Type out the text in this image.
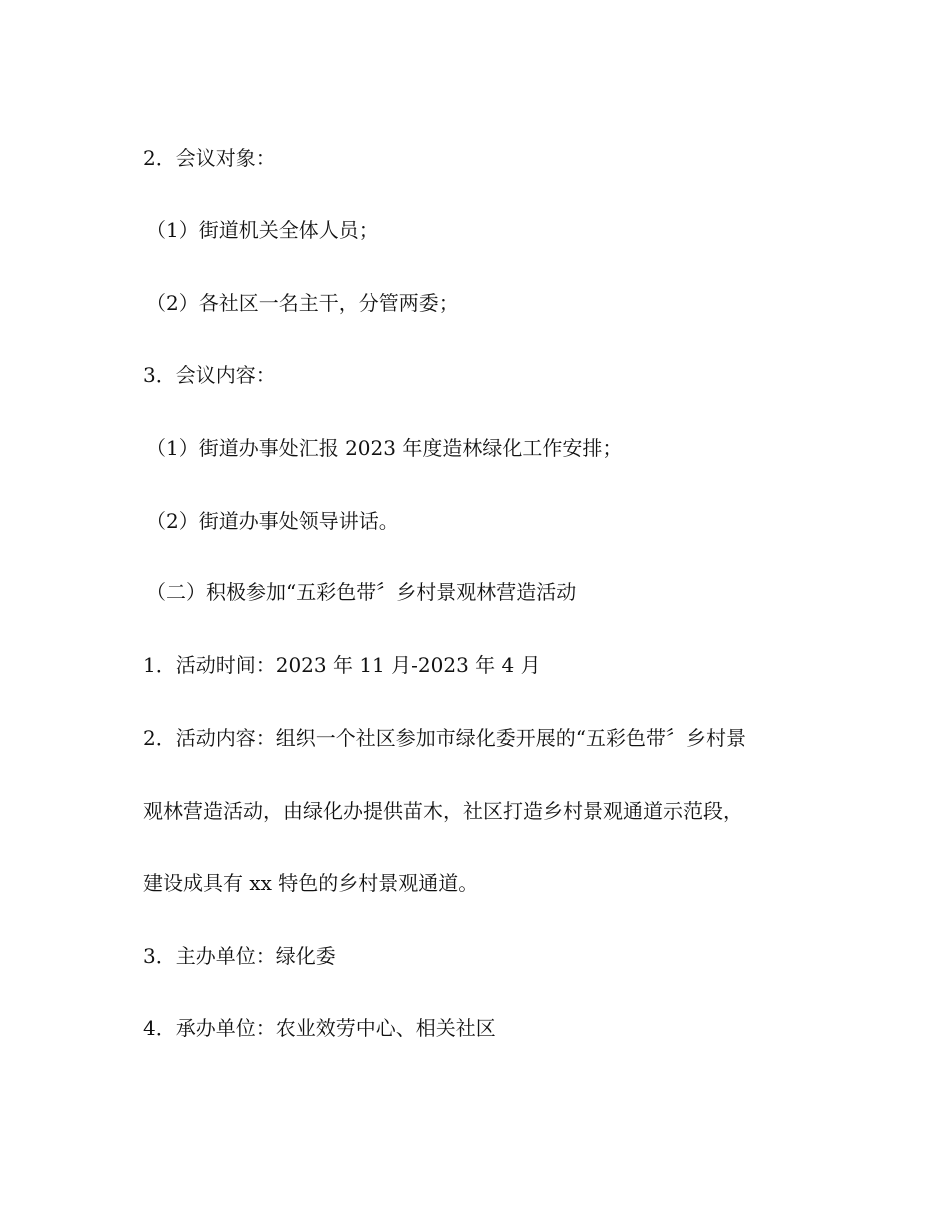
2．会议对象：

（1）街道机关全体人员；

（2）各社区一名主干，分管两委；

3．会议内容：

（1）街道办事处汇报 2023 年度造林绿化工作安排；

（2）街道办事处领导讲话。

（二）积极参加“五彩色带〞乡村景观林营造活动

1．活动时间：2023 年 11 月-2023 年 4 月

2．活动内容：组织一个社区参加市绿化委开展的“五彩色带〞乡村景

观林营造活动，由绿化办提供苗木，社区打造乡村景观通道示范段，

建设成具有 xx 特色的乡村景观通道。

3．主办单位：绿化委

4．承办单位：农业效劳中心、相关社区
